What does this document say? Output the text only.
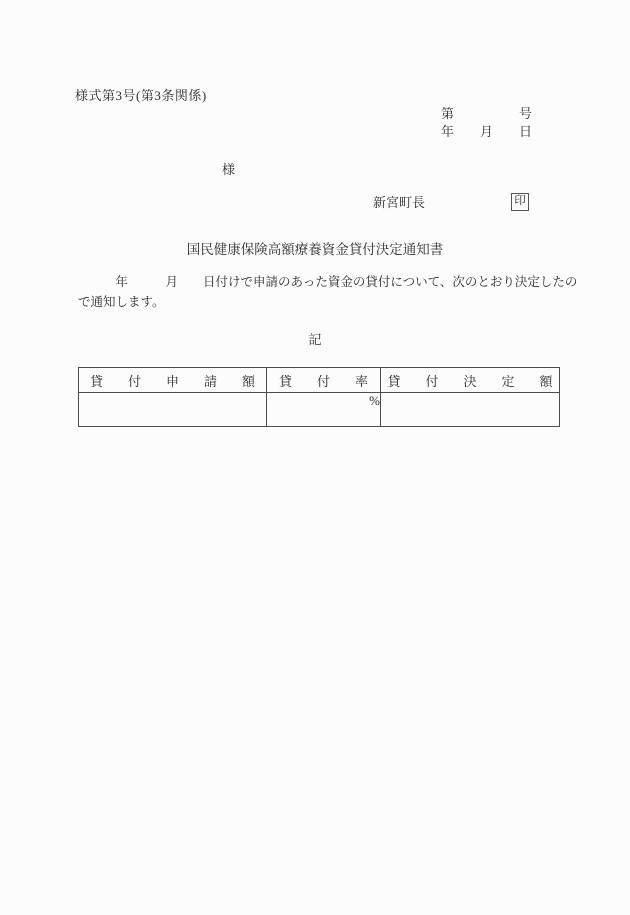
様式第3号(第3条関係)
第	号
年 月 日
様
新宮町長	印
国民健康保険高額療養資金貸付決定通知書
　　　年　　　月　　日付けで申請のあった資金の貸付について、次のとおり決定したの
で通知します。
記
貸　付　申　請　額	貸　付　率	貸　付　決　定　額
	%	
